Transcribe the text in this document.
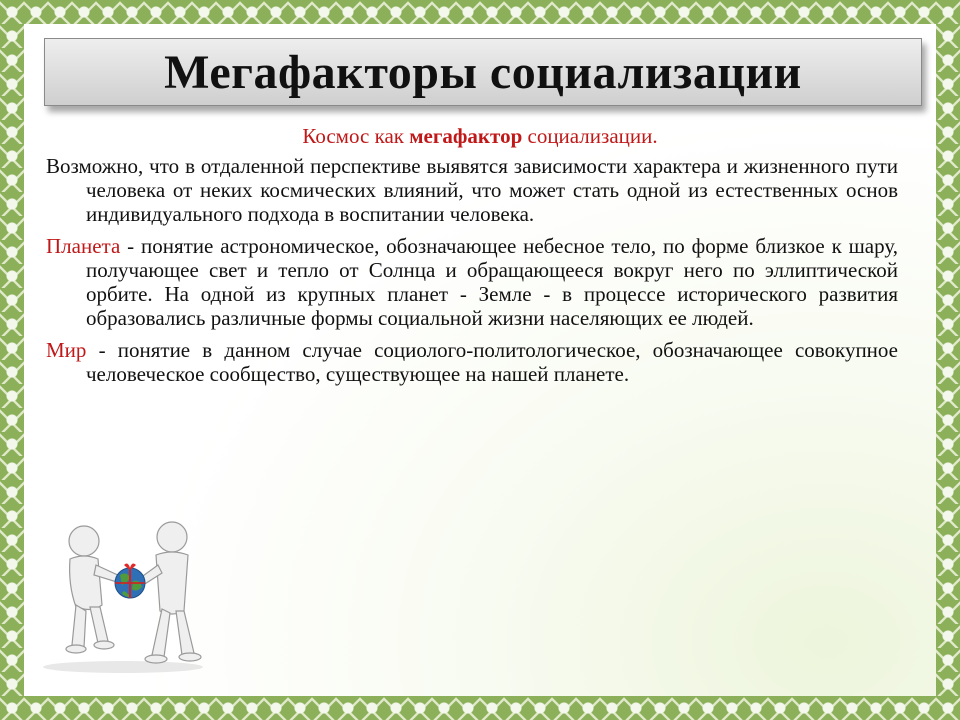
Мегафакторы социализации
Космос как мегафактор социализации.

Возможно, что в отдаленной перспективе выявятся зависимости характера и жизненного пути человека от неких космических влияний, что может стать одной из естественных основ индивидуального подхода в воспитании человека.

Планета - понятие астрономическое, обозначающее небесное тело, по форме близкое к шару, получающее свет и тепло от Солнца и обращающееся вокруг него по эллиптической орбите. На одной из крупных планет - Земле - в процессе исторического развития образовались различные формы социальной жизни населяющих ее людей.

Мир - понятие в данном случае социолого-политологическое, обозначающее совокупное человеческое сообщество, существующее на нашей планете.
